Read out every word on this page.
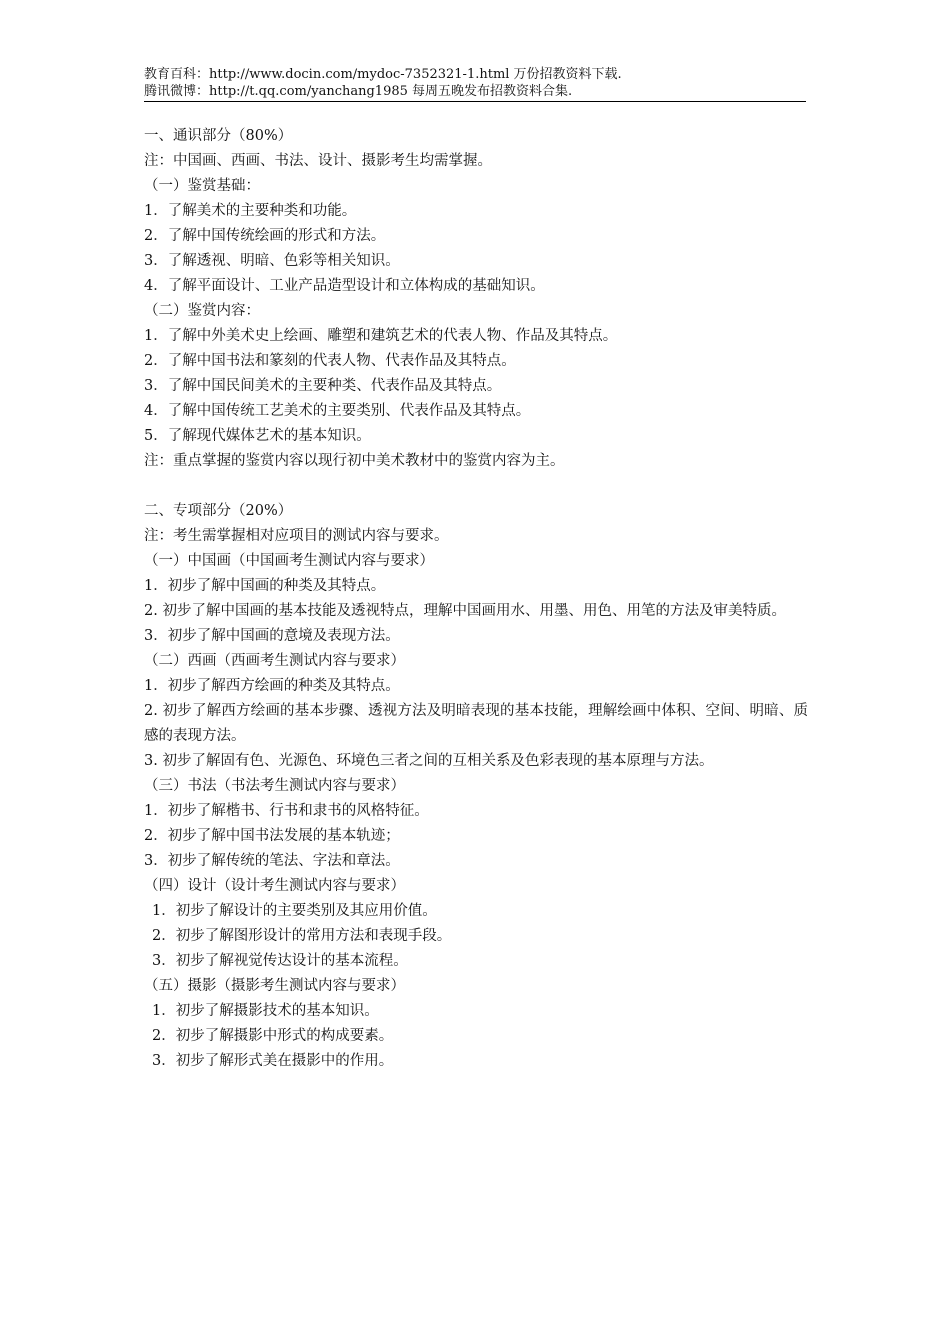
教育百科：http://www.docin.com/mydoc-7352321-1.html 万份招教资料下载.
腾讯微博：http://t.qq.com/yanchang1985 每周五晚发布招教资料合集.
一、通识部分（80%）
注：中国画、西画、书法、设计、摄影考生均需掌握。
（一）鉴赏基础：
1．了解美术的主要种类和功能。
2．了解中国传统绘画的形式和方法。
3．了解透视、明暗、色彩等相关知识。
4．了解平面设计、工业产品造型设计和立体构成的基础知识。
（二）鉴赏内容：
1．了解中外美术史上绘画、雕塑和建筑艺术的代表人物、作品及其特点。
2．了解中国书法和篆刻的代表人物、代表作品及其特点。
3．了解中国民间美术的主要种类、代表作品及其特点。
4．了解中国传统工艺美术的主要类别、代表作品及其特点。
5．了解现代媒体艺术的基本知识。
注：重点掌握的鉴赏内容以现行初中美术教材中的鉴赏内容为主。
二、专项部分（20%）
注：考生需掌握相对应项目的测试内容与要求。
（一）中国画（中国画考生测试内容与要求）
1．初步了解中国画的种类及其特点。
2. 初步了解中国画的基本技能及透视特点，理解中国画用水、用墨、用色、用笔的方法及审美特质。
3．初步了解中国画的意境及表现方法。
（二）西画（西画考生测试内容与要求）
1．初步了解西方绘画的种类及其特点。
2. 初步了解西方绘画的基本步骤、透视方法及明暗表现的基本技能，理解绘画中体积、空间、明暗、质感的表现方法。
3. 初步了解固有色、光源色、环境色三者之间的互相关系及色彩表现的基本原理与方法。
（三）书法（书法考生测试内容与要求）
1．初步了解楷书、行书和隶书的风格特征。
2．初步了解中国书法发展的基本轨迹；
3．初步了解传统的笔法、字法和章法。
（四）设计（设计考生测试内容与要求）
1．初步了解设计的主要类别及其应用价值。
2．初步了解图形设计的常用方法和表现手段。
3．初步了解视觉传达设计的基本流程。
（五）摄影（摄影考生测试内容与要求）
1．初步了解摄影技术的基本知识。
2．初步了解摄影中形式的构成要素。
3．初步了解形式美在摄影中的作用。
